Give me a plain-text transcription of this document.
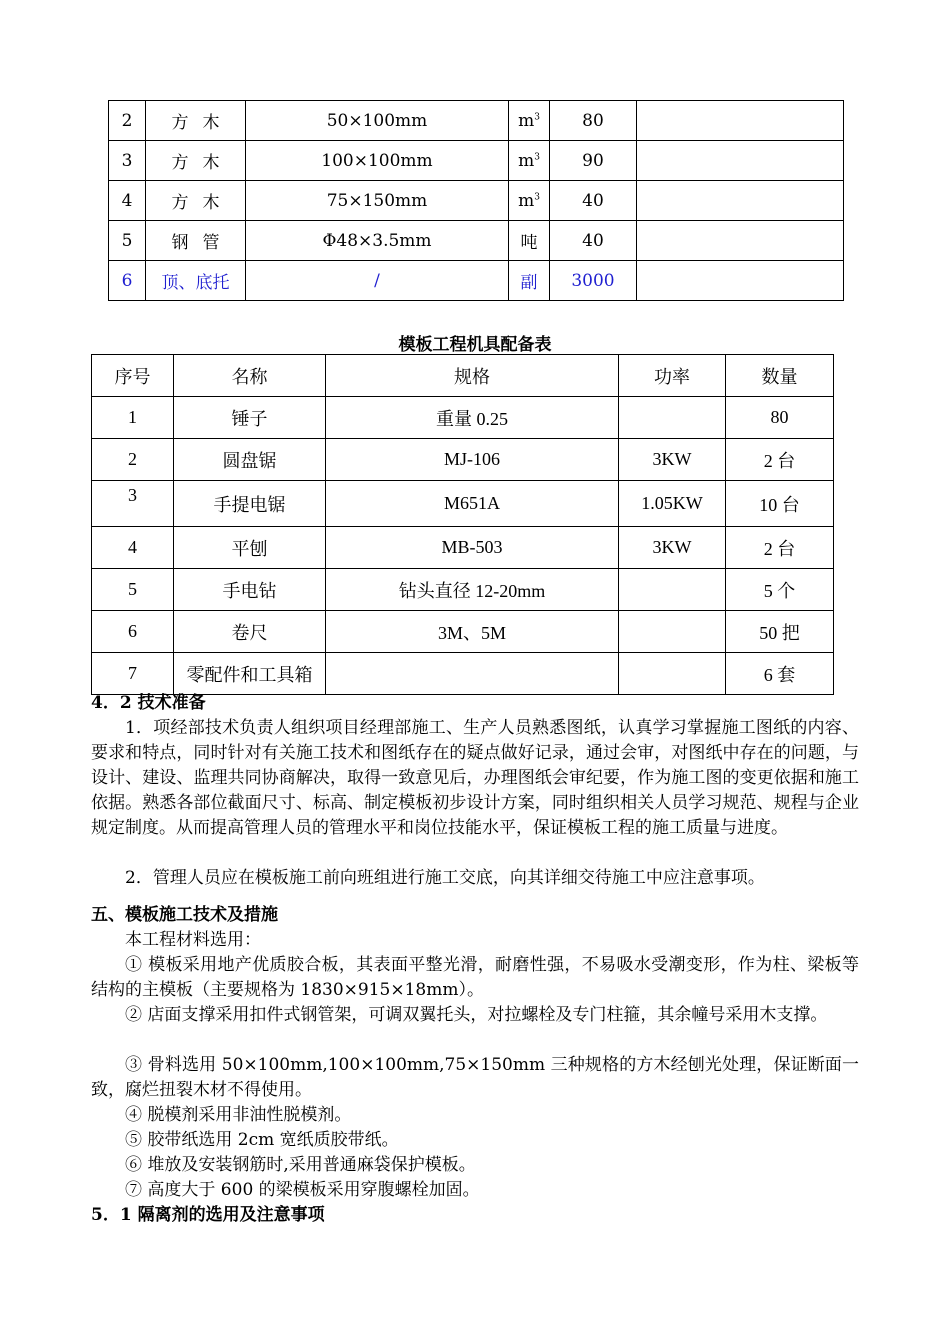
2	方木	50×100mm	$m^3$	80	
3	方木	100×100mm	$m^3$	90	
4	方木	75×150mm	$m^3$	40	
5	钢管	Φ48×3.5mm	吨	40	
6	顶、底托	/	副	3000	
模板工程机具配备表
序号	名称	规格	功率	数量
1	锤子	重量 0.25		80
2	圆盘锯	MJ-106	3KW	2 台
3	手提电锯	M651A	1.05KW	10 台
4	平刨	MB-503	3KW	2 台
5	手电钻	钻头直径 12-20mm		5 个
6	卷尺	3M、5M		50 把
7	零配件和工具箱			6 套
4．2 技术准备
1．项经部技术负责人组织项目经理部施工、生产人员熟悉图纸，认真学习掌握施工图纸的内容、要求和特点，同时针对有关施工技术和图纸存在的疑点做好记录，通过会审，对图纸中存在的问题，与设计、建设、监理共同协商解决，取得一致意见后，办理图纸会审纪要，作为施工图的变更依据和施工依据。熟悉各部位截面尺寸、标高、制定模板初步设计方案，同时组织相关人员学习规范、规程与企业规定制度。从而提高管理人员的管理水平和岗位技能水平，保证模板工程的施工质量与进度。
2．管理人员应在模板施工前向班组进行施工交底，向其详细交待施工中应注意事项。
五、模板施工技术及措施
本工程材料选用：
① 模板采用地产优质胶合板，其表面平整光滑，耐磨性强，不易吸水受潮变形，作为柱、梁板等结构的主模板（主要规格为 1830×915×18mm）。
② 店面支撑采用扣件式钢管架，可调双翼托头，对拉螺栓及专门柱箍，其余幢号采用木支撑。
③ 骨料选用 50×100mm,100×100mm,75×150mm 三种规格的方木经刨光处理，保证断面一致，腐烂扭裂木材不得使用。
④ 脱模剂采用非油性脱模剂。
⑤ 胶带纸选用 2cm 宽纸质胶带纸。
⑥ 堆放及安装钢筋时,采用普通麻袋保护模板。
⑦ 高度大于 600 的梁模板采用穿腹螺栓加固。
5．1 隔离剂的选用及注意事项
